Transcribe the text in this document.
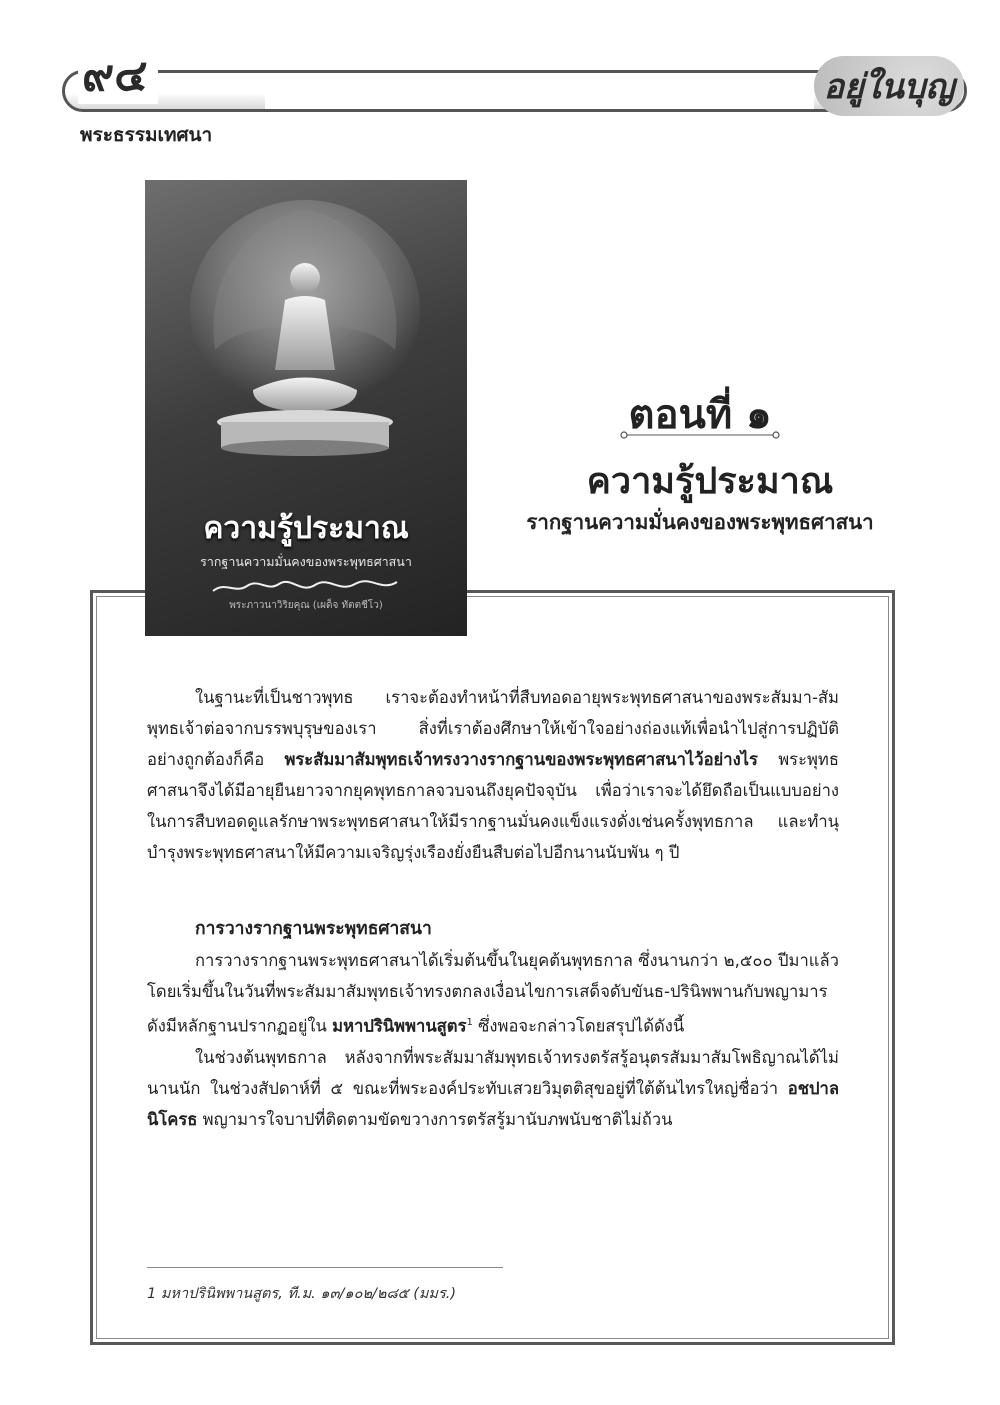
๙๔	อยู่ในบุญ
พระธรรมเทศนา
ความรู้ประมาณ
รากฐานความมั่นคงของพระพุทธศาสนา
พระภาวนาวิริยคุณ (เผด็จ ทัตตชีโว)
ตอนที่ ๑
ความรู้ประมาณ
รากฐานความมั่นคงของพระพุทธศาสนา

ในฐานะที่เป็นชาวพุทธ เราจะต้องทำหน้าที่สืบทอดอายุพระพุทธศาสนาของพระสัมมา-สัมพุทธเจ้าต่อจากบรรพบุรุษของเรา สิ่งที่เราต้องศึกษาให้เข้าใจอย่างถ่องแท้เพื่อนำไปสู่การปฏิบัติอย่างถูกต้องก็คือ พระสัมมาสัมพุทธเจ้าทรงวางรากฐานของพระพุทธศาสนาไว้อย่างไร พระพุทธศาสนาจึงได้มีอายุยืนยาวจากยุคพุทธกาลจวบจนถึงยุคปัจจุบัน เพื่อว่าเราจะได้ยึดถือเป็นแบบอย่างในการสืบทอดดูแลรักษาพระพุทธศาสนาให้มีรากฐานมั่นคงแข็งแรงดั่งเช่นครั้งพุทธกาล และทำนุบำรุงพระพุทธศาสนาให้มีความเจริญรุ่งเรืองยั่งยืนสืบต่อไปอีกนานนับพัน ๆ ปี

การวางรากฐานพระพุทธศาสนา

การวางรากฐานพระพุทธศาสนาได้เริ่มต้นขึ้นในยุคต้นพุทธกาล ซึ่งนานกว่า ๒,๕๐๐ ปีมาแล้ว โดยเริ่มขึ้นในวันที่พระสัมมาสัมพุทธเจ้าทรงตกลงเงื่อนไขการเสด็จดับขันธ-ปรินิพพานกับพญามาร ดังมีหลักฐานปรากฏอยู่ใน มหาปรินิพพานสูตร$^1$ ซึ่งพอจะกล่าวโดยสรุปได้ดังนี้

ในช่วงต้นพุทธกาล หลังจากที่พระสัมมาสัมพุทธเจ้าทรงตรัสรู้อนุตรสัมมาสัมโพธิญาณได้ไม่นานนัก ในช่วงสัปดาห์ที่ ๕ ขณะที่พระองค์ประทับเสวยวิมุตติสุขอยู่ที่ใต้ต้นไทรใหญ่ชื่อว่า อชปาลนิโครธ พญามารใจบาปที่ติดตามขัดขวางการตรัสรู้มานับภพนับชาติไม่ถ้วน

1 มหาปรินิพพานสูตร, ที.ม. ๑๓/๑๐๒/๒๘๕ (มมร.)
